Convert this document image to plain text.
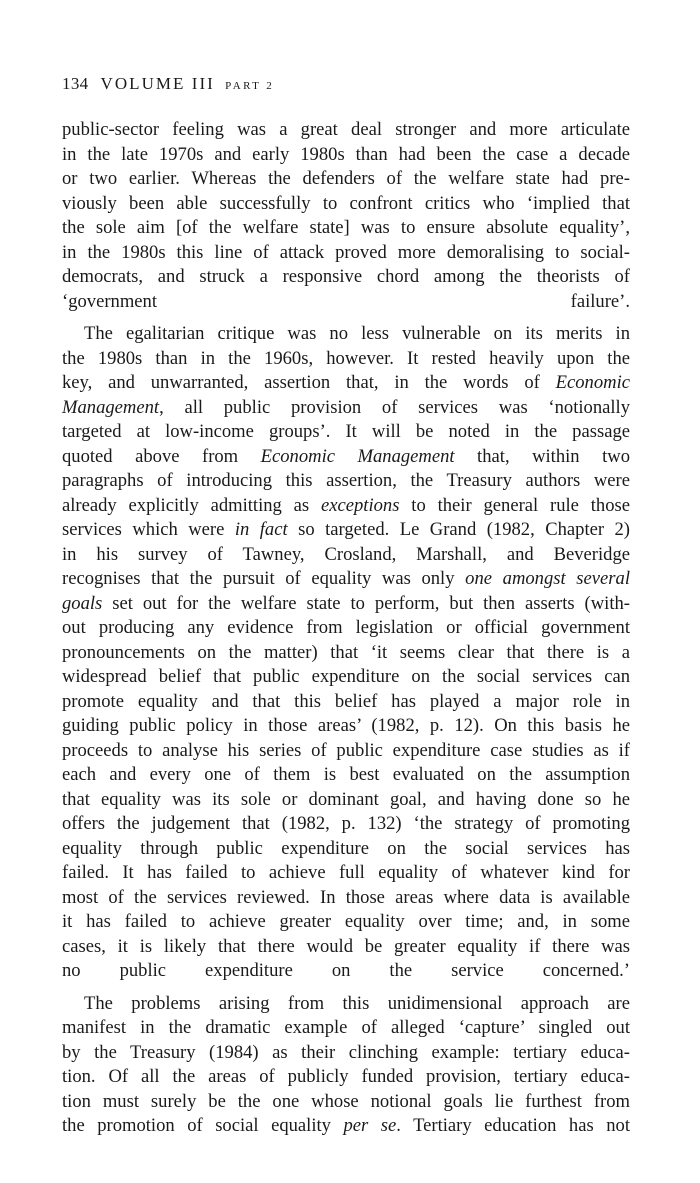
134 VOLUME III PART 2
public-sector feeling was a great deal stronger and more articulate
in the late 1970s and early 1980s than had been the case a decade
or two earlier. Whereas the defenders of the welfare state had pre-
viously been able successfully to confront critics who ‘implied that
the sole aim [of the welfare state] was to ensure absolute equality’,
in the 1980s this line of attack proved more demoralising to social-
democrats, and struck a responsive chord among the theorists of
‘government failure’.
The egalitarian critique was no less vulnerable on its merits in
the 1980s than in the 1960s, however. It rested heavily upon the
key, and unwarranted, assertion that, in the words of Economic
Management, all public provision of services was ‘notionally
targeted at low-income groups’. It will be noted in the passage
quoted above from Economic Management that, within two
paragraphs of introducing this assertion, the Treasury authors were
already explicitly admitting as exceptions to their general rule those
services which were in fact so targeted. Le Grand (1982, Chapter 2)
in his survey of Tawney, Crosland, Marshall, and Beveridge
recognises that the pursuit of equality was only one amongst several
goals set out for the welfare state to perform, but then asserts (with-
out producing any evidence from legislation or official government
pronouncements on the matter) that ‘it seems clear that there is a
widespread belief that public expenditure on the social services can
promote equality and that this belief has played a major role in
guiding public policy in those areas’ (1982, p. 12). On this basis he
proceeds to analyse his series of public expenditure case studies as if
each and every one of them is best evaluated on the assumption
that equality was its sole or dominant goal, and having done so he
offers the judgement that (1982, p. 132) ‘the strategy of promoting
equality through public expenditure on the social services has
failed. It has failed to achieve full equality of whatever kind for
most of the services reviewed. In those areas where data is available
it has failed to achieve greater equality over time; and, in some
cases, it is likely that there would be greater equality if there was
no public expenditure on the service concerned.’
The problems arising from this unidimensional approach are
manifest in the dramatic example of alleged ‘capture’ singled out
by the Treasury (1984) as their clinching example: tertiary educa-
tion. Of all the areas of publicly funded provision, tertiary educa-
tion must surely be the one whose notional goals lie furthest from
the promotion of social equality per se. Tertiary education has not
